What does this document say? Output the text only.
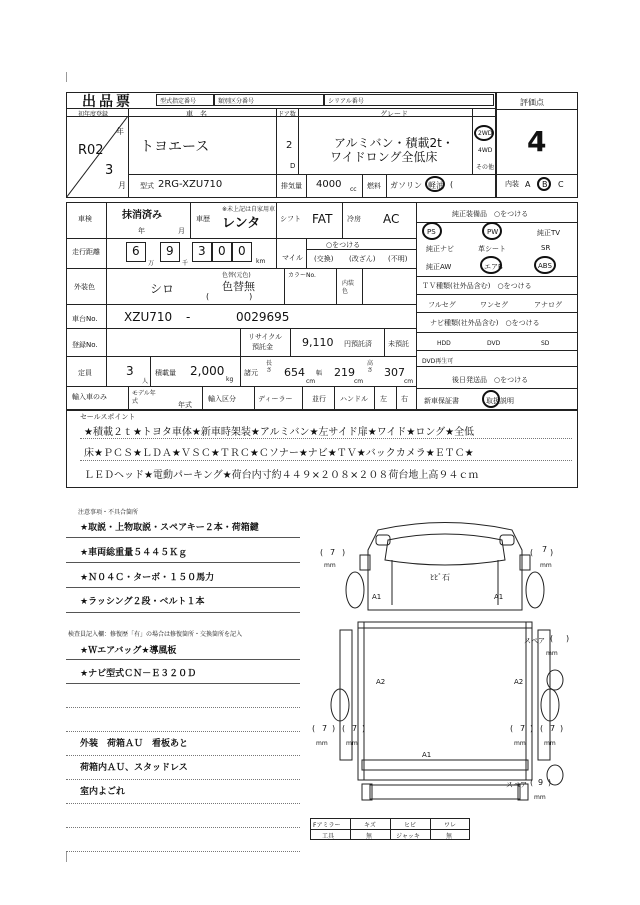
出品票	評価点
4
内装 A B C
型式指定番号	類別区分番号	シリアル番号
初年度登録	車　名	ドア数	グレード
年
R02
3
月
トヨエース	2
D
アルミバン・積載2t・
ワイドロング全低床
2WD
4WD
その他
型式 2RG-XZU710	排気量 4000 cc 燃料 ガソリン 軽油 (
車検	抹消済み
年	月
※未上記は自家用車
車歴 レンタ	シフト FAT 冷房 AC
走行距離	6
万
9
千
3 0 0
km マイル
○をつける
(交換) (改ざん) (不明)
外装色
色替(元色)
シロ	色替無
(　　　　　)
カラーNo.
内装色
車台No. XZU710 -	0029695
登録No.
リサイクル
預託金	9,110 円預託済 未預託
定員	3
人
積載量 2,000
kg
諸元
長さ 654
cm
幅 219
cm
高さ 307
cm
輸入車のみ	モデル年式	年式
輸入区分	ディーラー	並行 ハンドル 左 右
純正装備品　○をつける
PS	PW	純正TV
純正ナビ	革シート	SR
純正AW	エアB	ABS
ＴＶ種類(社外品含む)　○をつける
フルセグ	ワンセグ	アナログ
ナビ種類(社外品含む)　○をつける
HDD	DVD	SD
DVD再生可
後日発送品　○をつける
新車保証書	取扱説明
セールスポイント
★積載２ｔ★トヨタ車体★新車時架装★アルミバン★左サイド扉★ワイド★ロング★全低
床★ＰＣＳ★ＬＤＡ★ＶＳＣ★ＴＲＣ★Ｃソナー★ナビ★ＴＶ★バックカメラ★ＥＴＣ★
ＬＥＤヘッド★電動パーキング★荷台内寸約４４９×２０８×２０８荷台地上高９４ｃｍ
注意事項・不具合箇所
★取説・上物取説・スペアキー２本・荷箱鍵
★車両総重量５４４５Ｋｇ
★Ｎ０４Ｃ・ターボ・１５０馬力
★ラッシング２段・ベルト１本
検査員記入欄：修復歴「有」の場合は修復箇所・交換箇所を記入
★Ｗエアバッグ★導風板
★ナビ型式ＣＮ－Ｅ３２０Ｄ
外装　荷箱ＡＵ　看板あと
荷箱内ＡＵ、スタッドレス
室内よごれ
( 7 )
mm
( 7 )
mm
( 7 )
mm
( 7 )
mm
( 7 )
mm
( 7 )
mm
ﾋﾋﾞ石
A1	A1
A2	A2
A1
スペア ( )
mm
スペア ( 9 )
mm
Fアミラー	キズ	ヒビ	ワレ
工具	無	ジャッキ	無
